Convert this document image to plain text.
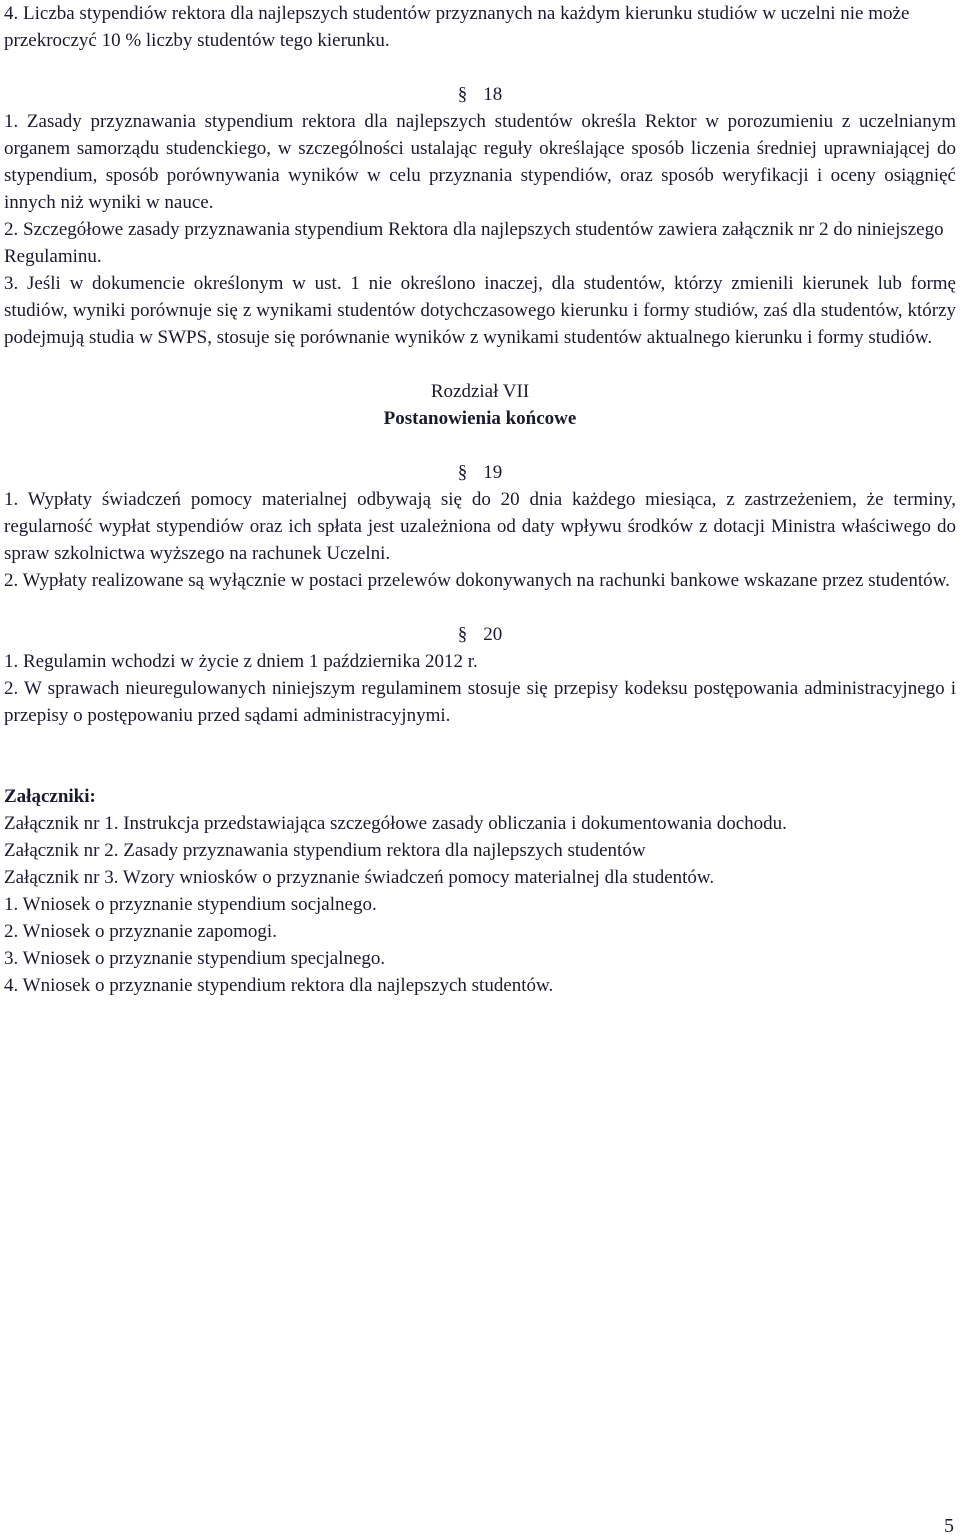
4. Liczba stypendiów rektora dla najlepszych studentów przyznanych na każdym kierunku studiów w uczelni nie może przekroczyć 10 % liczby studentów tego kierunku.

§ 18

1. Zasady przyznawania stypendium rektora dla najlepszych studentów określa Rektor w porozumieniu z uczelnianym organem samorządu studenckiego, w szczególności ustalając reguły określające sposób liczenia średniej uprawniającej do stypendium, sposób porównywania wyników w celu przyznania stypendiów, oraz sposób weryfikacji i oceny osiągnięć innych niż wyniki w nauce.

2. Szczegółowe zasady przyznawania stypendium Rektora dla najlepszych studentów zawiera załącznik nr 2 do niniejszego Regulaminu.

3. Jeśli w dokumencie określonym w ust. 1 nie określono inaczej, dla studentów, którzy zmienili kierunek lub formę studiów, wyniki porównuje się z wynikami studentów dotychczasowego kierunku i formy studiów, zaś dla studentów, którzy podejmują studia w SWPS, stosuje się porównanie wyników z wynikami studentów aktualnego kierunku i formy studiów.

Rozdział VII
Postanowienia końcowe
§ 19

1. Wypłaty świadczeń pomocy materialnej odbywają się do 20 dnia każdego miesiąca, z zastrzeżeniem, że terminy, regularność wypłat stypendiów oraz ich spłata jest uzależniona od daty wpływu środków z dotacji Ministra właściwego do spraw szkolnictwa wyższego na rachunek Uczelni.

2. Wypłaty realizowane są wyłącznie w postaci przelewów dokonywanych na rachunki bankowe wskazane przez studentów.

§ 20

1. Regulamin wchodzi w życie z dniem 1 października 2012 r.

2. W sprawach nieuregulowanych niniejszym regulaminem stosuje się przepisy kodeksu postępowania administracyjnego i przepisy o postępowaniu przed sądami administracyjnymi.

Załączniki:

Załącznik nr 1. Instrukcja przedstawiająca szczegółowe zasady obliczania i dokumentowania dochodu.

Załącznik nr 2. Zasady przyznawania stypendium rektora dla najlepszych studentów

Załącznik nr 3. Wzory wniosków o przyznanie świadczeń pomocy materialnej dla studentów.

1. Wniosek o przyznanie stypendium socjalnego.

2. Wniosek o przyznanie zapomogi.

3. Wniosek o przyznanie stypendium specjalnego.

4. Wniosek o przyznanie stypendium rektora dla najlepszych studentów.

5
